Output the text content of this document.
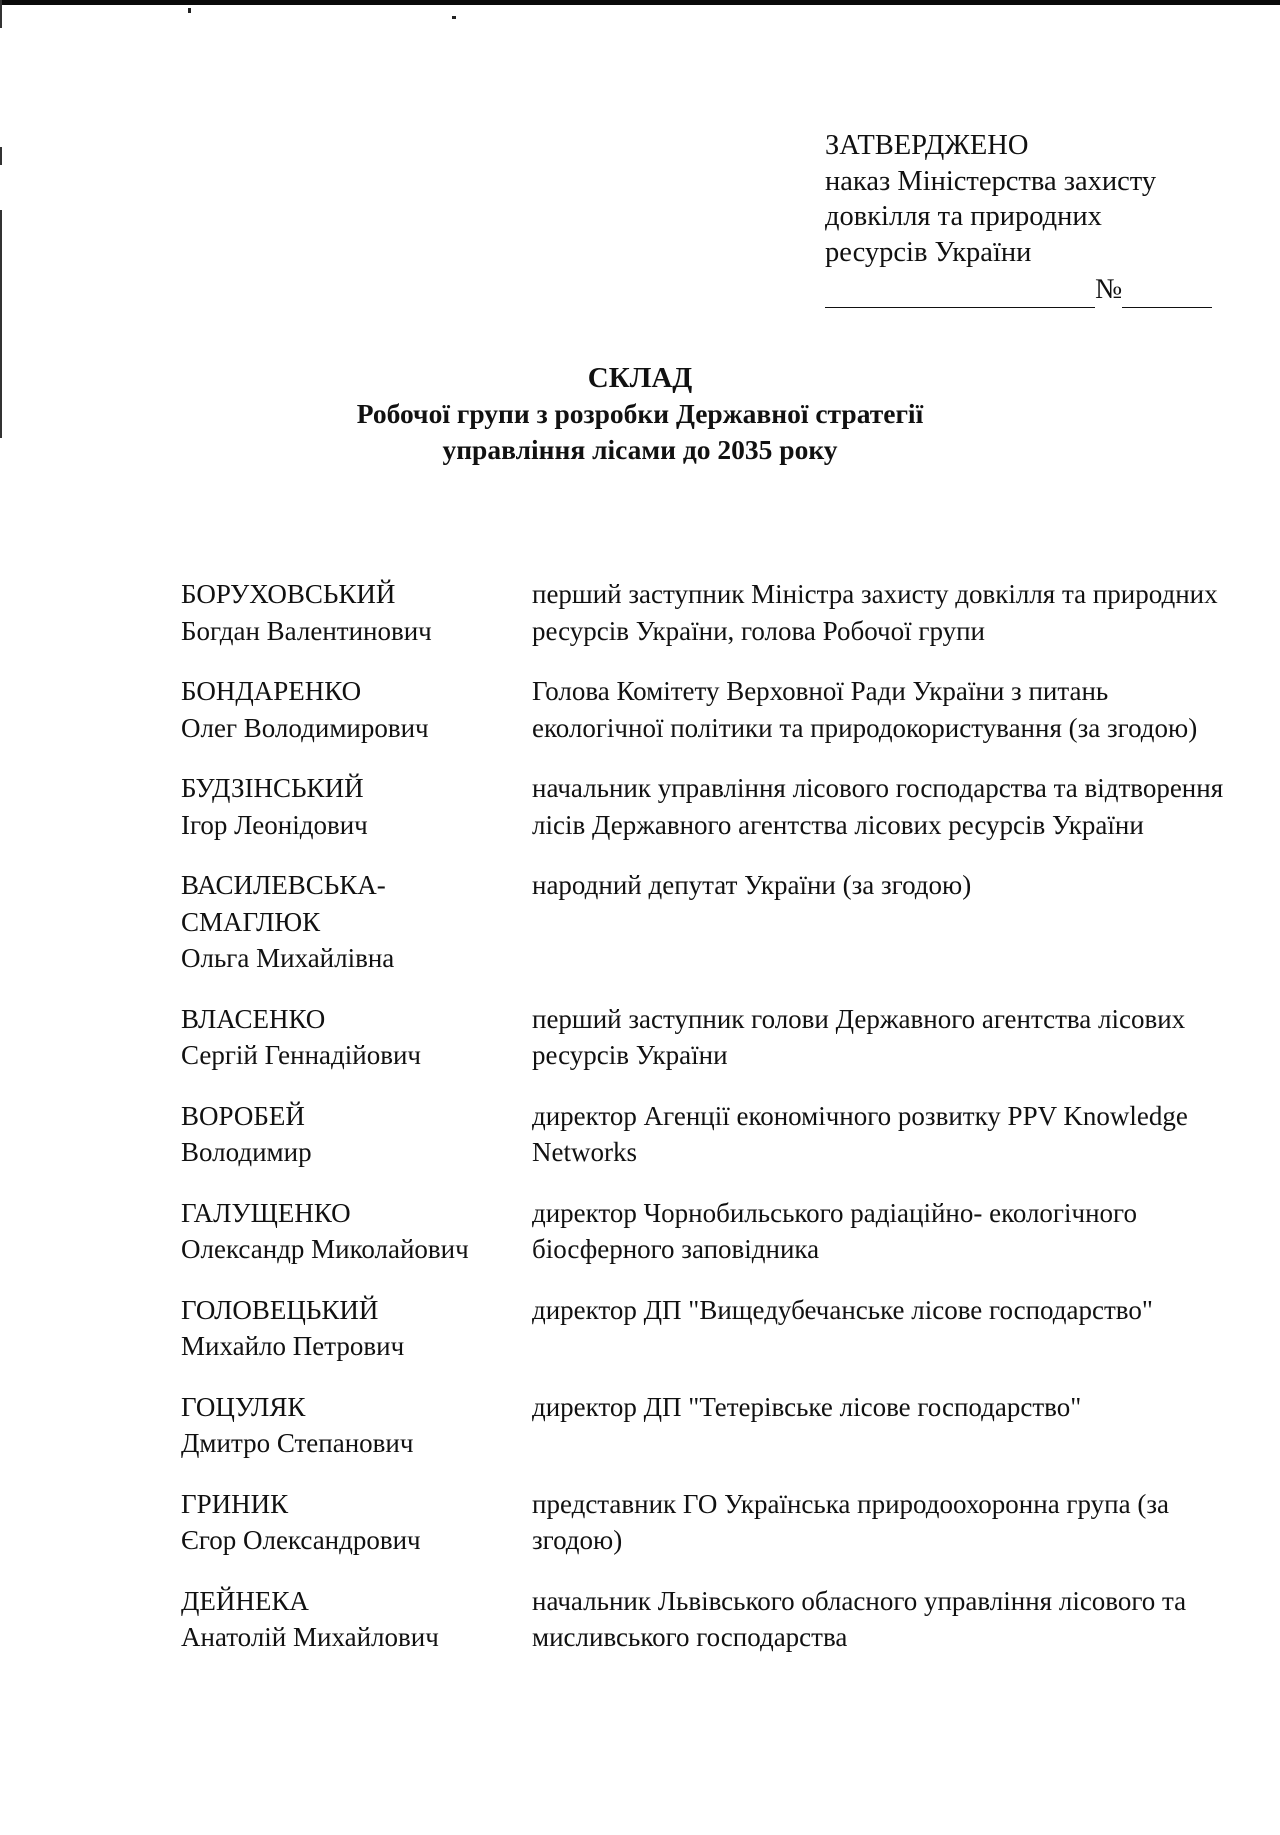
ЗАТВЕРДЖЕНО
наказ Міністерства захисту
довкілля та природних
ресурсів України
№
СКЛАД
Робочої групи з розробки Державної стратегії
управління лісами до 2035 року
БОРУХОВСЬКИЙ
Богдан Валентинович
перший заступник Міністра захисту довкілля та природних ресурсів України, голова Робочої групи
БОНДАРЕНКО
Олег Володимирович
Голова Комітету Верховної Ради України з питань екологічної політики та природокористування (за згодою)
БУДЗІНСЬКИЙ
Ігор Леонідович
начальник управління лісового господарства та відтворення лісів Державного агентства лісових ресурсів України
ВАСИЛЕВСЬКА-
СМАГЛЮК
Ольга Михайлівна
народний депутат України (за згодою)
ВЛАСЕНКО
Сергій Геннадійович
перший заступник голови Державного агентства лісових ресурсів України
ВОРОБЕЙ
Володимир
директор Агенції економічного розвитку PPV Knowledge Networks
ГАЛУЩЕНКО
Олександр Миколайович
директор Чорнобильського радіаційно- екологічного біосферного заповідника
ГОЛОВЕЦЬКИЙ
Михайло Петрович
директор ДП "Вищедубечанське лісове господарство"
ГОЦУЛЯК
Дмитро Степанович
директор ДП "Тетерівське лісове господарство"
ГРИНИК
Єгор Олександрович
представник ГО Українська природоохоронна група (за згодою)
ДЕЙНЕКА
Анатолій Михайлович
начальник Львівського обласного управління лісового та мисливського господарства
